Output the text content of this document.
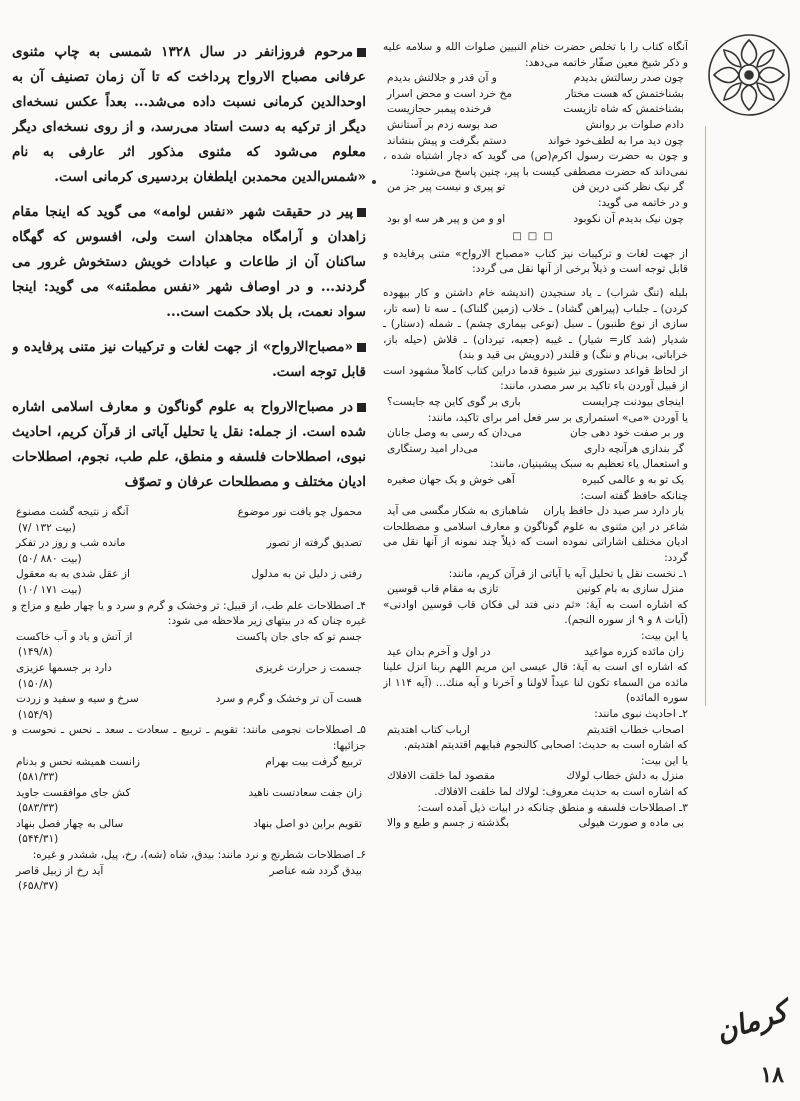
آنگاه کتاب را با تخلص حضرت ختام النبیین صلوات الله و سلامه علیه و ذکر شیخ معین صفّار خاتمه می‌دهد:

چون صدر رسالتش بدیدم
و آن قدر و جلالتش بدیدم
بشناختمش که هست مختار
مخ خرد است و محض اسرار
بشناختمش که شاه تازیست
فرخنده پیمبر حجازیست
دادم صلوات بر روانش
صد بوسه زدم بر آستانش
چون دید مرا به لطف‌خود خواند
دستم بگرفت و پیش بنشاند

و چون به حضرت رسول اکرم(ص) می گوید که دچار اشتباه شده ، نمی‌داند که حضرت مصطفی کیست با پیر، چنین پاسخ می‌شنود:

گر نیک نظر کنی درین فن
تو پیری و نیست پیر جز من

و در خاتمه می گوید:

چون نیک بدیدم آن نکوبود
او و من و پیر هر سه او بود
□□□

از جهت لغات و ترکیبات نیز کتاب «مصباح الارواح» متنی پرفایده و قابل توجه است و ذیلاً برخی از آنها نقل می گردد:

بلبله (تنگ شراب) ـ یاد سنجیدن (اندیشه خام داشتن و کار بیهوده کردن) ـ جلباب (پیراهن گشاد) ـ خلاب (زمین گلناک) ـ سه تا (سه تار، سازی از نوع طنبور) ـ سبل (نوعی بیماری چشم) ـ شمله (دستار) ـ شدیار (شد کار= شیار) ـ غیبه (جعبه، تیردان) ـ قلاش (حیله باز، خراباتی، بی‌نام و ننگ) و قلندر (درویش بی قید و بند)

از لحاظ قواعد دستوری نیز شیوهٔ قدما دراین کتاب کاملاً مشهود است از قبیل آوردن باء تاکید بر سر مصدر، مانند:

اینجای بیودنت چرایست
باری بر گوی کاین چه جایست؟

یا آوردن «می» استمراری بر سر فعل امر برای تاکید، مانند:

ور بر صفت خود دهی جان
می‌دان که رسی به وصل جانان
گر بندازی هرآنچه داری
می‌دار امید رستگاری

و استعمال یاء تعظیم به سبک پیشینیان، مانند:

یک تو به و عالمی کبیره
آهی خوش و یک جهان صغیره

چنانکه حافظ گفته است:

یار دارد سر صید دل حافظ یاران
شاهبازی به شکار مگسی می آید

شاعر در این مثنوی به علوم گوناگون و معارف اسلامی و مصطلحات ادیان مختلف اشاراتی نموده است که ذیلاً چند نمونه از آنها نقل می گردد:

۱ـ نخست نقل یا تحلیل آیه یا آیاتی از قرآن کریم، مانند:

منزل سازی به بام کونین
تازی به مقام قاب قوسین

که اشاره است به آیهٔ: «ثم دنی فتد لی فکان قاب قوسین اوادنی» (آیات ۸ و ۹ از سوره النجم).

یا این بیت:

زان مائده کزره مواعید
در اول و آخرم بدان عید

که اشاره ای است به آیهٔ: قال عیسی ابن مریم اللهم ربنا انزل علینا مائده من السماء تکون لنا عیداً لاولنا و آخرنا و آیه منك... (آیه ۱۱۴ از سوره المائده)

۲ـ احادیث نبوی مانند:

اصحاب خطاب اقتدیتم
ارباب کتاب اهتدیتم

که اشاره است به حدیث: اصحابی کالنجوم فبایهم اقتدیتم اهتدیتم.

یا این بیت:

منزل به دلش خطاب لولاك
مقصود لما خلقت الافلاك

که اشاره است به حدیث معروف: لولاك لما خلقت الافلاك.

۳ـ اصطلاحات فلسفه و منطق چنانکه در ابیات ذیل آمده است:

بی ماده و صورت هیولی
بگذشته ز جسم و طبع و والا
مرحوم فروزانفر در سال ۱۳۲۸ شمسی به چاپ مثنوی عرفانی مصباح الارواح پرداخت که تا آن زمان تصنیف آن به اوحدالدین کرمانی نسبت داده می‌شد... بعداً عکس نسخه‌ای دیگر از ترکیه به دست استاد می‌رسد، و از روی نسخه‌ای دیگر معلوم می‌شود که مثنوی مذکور اثر عارفی به نام «شمس‌الدین محمدبن ایلطغان بردسیری کرمانی است.
پیر در حقیقت شهر «نفس لوامه» می گوید که اینجا مقام زاهدان و آرامگاه مجاهدان است ولی، افسوس که گهگاه ساکنان آن از طاعات و عبادات خویش دستخوش غرور می گردند... و در اوصاف شهر «نفس مطمئنه» می گوید: اینجا سواد نعمت، بل بلاد حکمت است...
«مصباح‌الارواح» از جهت لغات و ترکیبات نیز متنی پرفایده و قابل توجه است.
در مصباح‌الارواح به علوم گوناگون و معارف اسلامی اشاره شده است. از جمله: نقل یا تحلیل آیاتی از قرآن کریم، احادیث نبوی، اصطلاحات فلسفه و منطق، علم طب، نجوم، اصطلاحات ادیان مختلف و مصطلحات عرفان و تصوّف
محمول چو یافت نور موضوع
آنگه ز نتیجه گشت مصنوع
(۷/ بیت ۱۳۲)
تصدیق گرفته از تصور
مانده شب و روز در تفکر
(۵۰/ بیت ۸۸۰)
رفتی ز دلیل تن به مدلول
از عقل شدی به به معقول
(۱۰/ بیت ۱۷۱)

۴ـ اصطلاحات علم طب، از قبیل: تر وخشک و گرم و سرد و یا چهار طبع و مزاج و غیره چنان که در بیتهای زیر ملاحظه می شود:

جسم تو که جای جان پاکست
از آتش و باد و آب خاکست
(۱۴۹/۸)
جسمت ز حرارت غریزی
دارد بر جسمها عزیزی
(۱۵۰/۸)
هست آن تر وخشک و گرم و سرد
سرخ و سیه و سفید و زردت
(۱۵۴/۹)

۵ـ اصطلاحات نجومی مانند: تقویم ـ تربیع ـ سعادت ـ سعد ـ نحس ـ نحوست و جزائیها:

تربیع گرفت بیت بهرام
زانست همیشه نحس و بدنام
(۵۸۱/۳۳)
زان جفت سعادتست ناهید
کش جای موافقست جاوید
(۵۸۳/۳۳)
تقویم براین دو اصل بنهاد
سالی به چهار فصل بنهاد
(۵۴۴/۳۱)

۶ـ اصطلاحات شطرنج و نرد مانند: بیدق، شاه (شه)، رخ، پیل، ششدر و غیره:

بیدق گردد شه عناصر
آید رخ از زبیل قاصر
(۶۵۸/۳۷)
کرمان
۱۸
